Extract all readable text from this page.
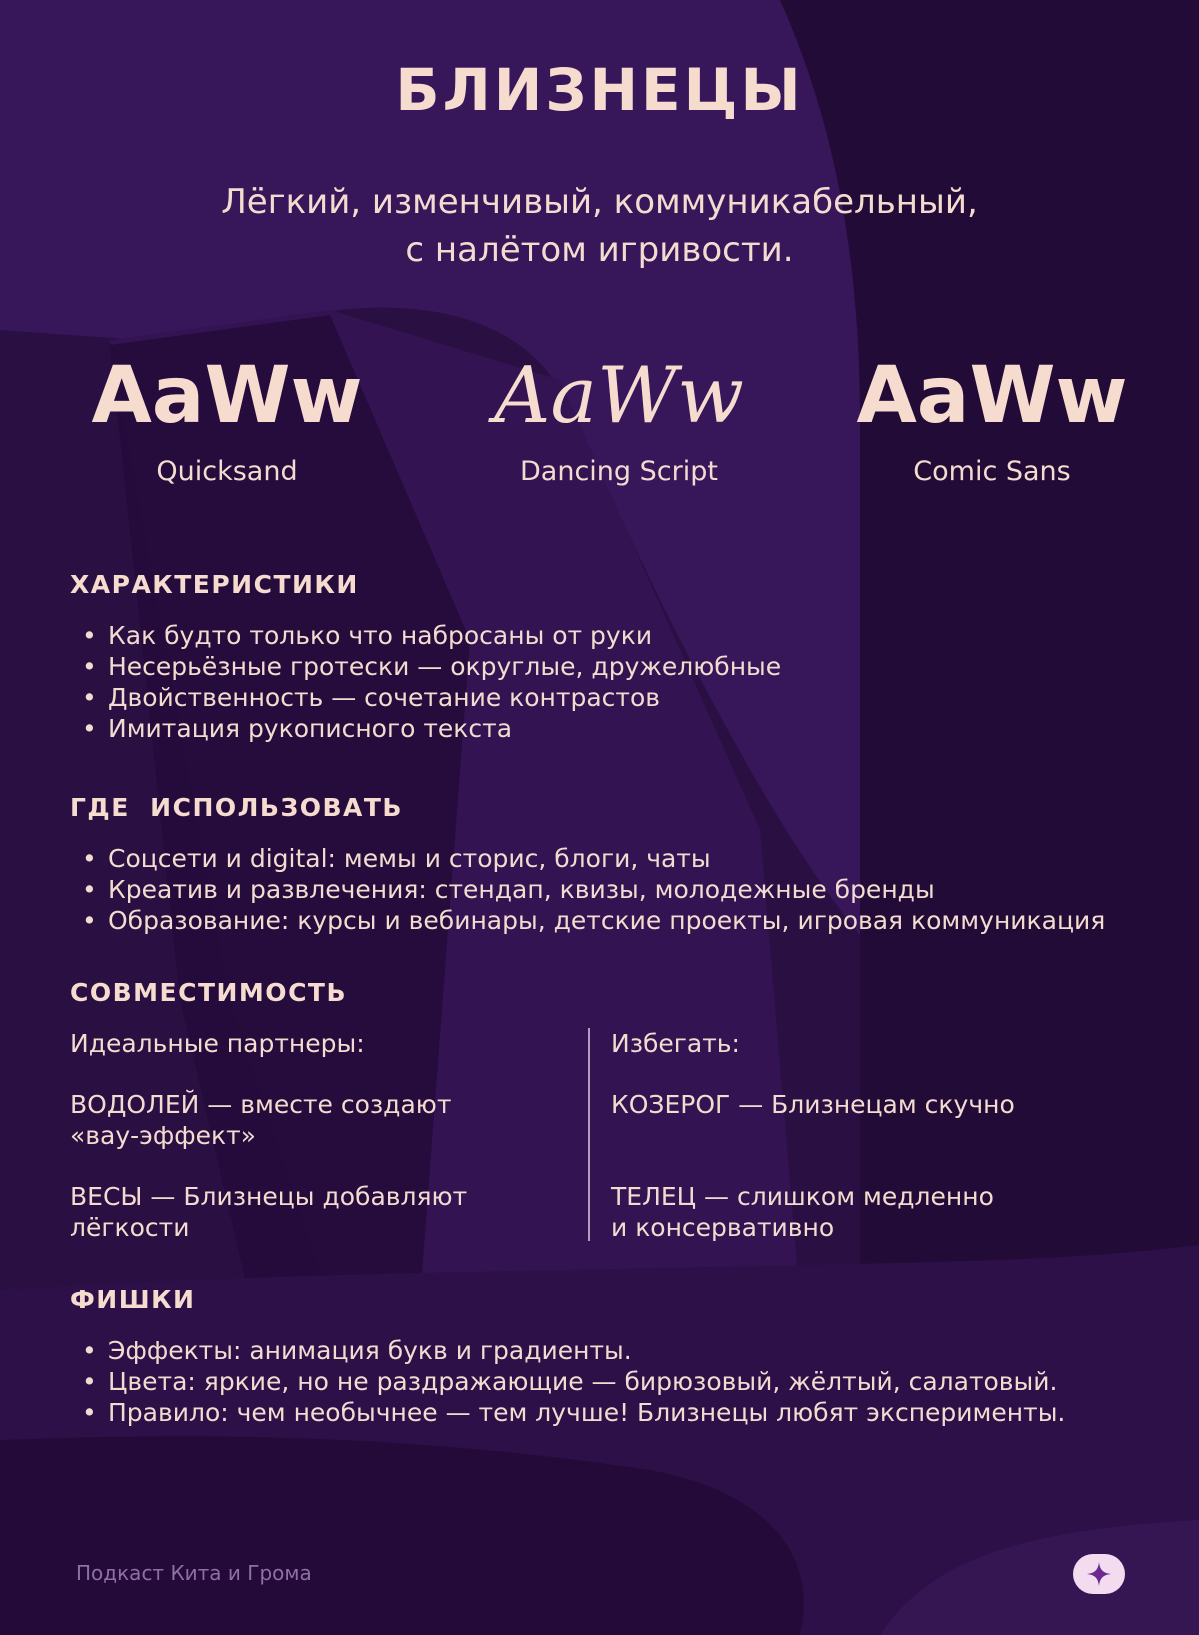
БЛИЗНЕЦЫ
Лёгкий, изменчивый, коммуникабельный,
с налётом игривости.
AaWw
Quicksand
AaWw
Dancing Script
AaWw
Comic Sans
ХАРАКТЕРИСТИКИ
• Как будто только что набросаны от руки
• Несерьёзные гротески — округлые, дружелюбные
• Двойственность — сочетание контрастов
• Имитация рукописного текста
ГДЕ  ИСПОЛЬЗОВАТЬ
• Соцсети и digital: мемы и сторис, блоги, чаты
• Креатив и развлечения: стендап, квизы, молодежные бренды
• Образование: курсы и вебинары, детские проекты, игровая коммуникация
СОВМЕСТИМОСТЬ
Идеальные партнеры:
ВОДОЛЕЙ — вместе создают
«вау-эффект»
ВЕСЫ — Близнецы добавляют
лёгкости
Избегать:
КОЗЕРОГ — Близнецам скучно
ТЕЛЕЦ — слишком медленно
и консервативно
ФИШКИ
• Эффекты: анимация букв и градиенты.
• Цвета: яркие, но не раздражающие — бирюзовый, жёлтый, салатовый.
• Правило: чем необычнее — тем лучше! Близнецы любят эксперименты.
Подкаст Кита и Грома
